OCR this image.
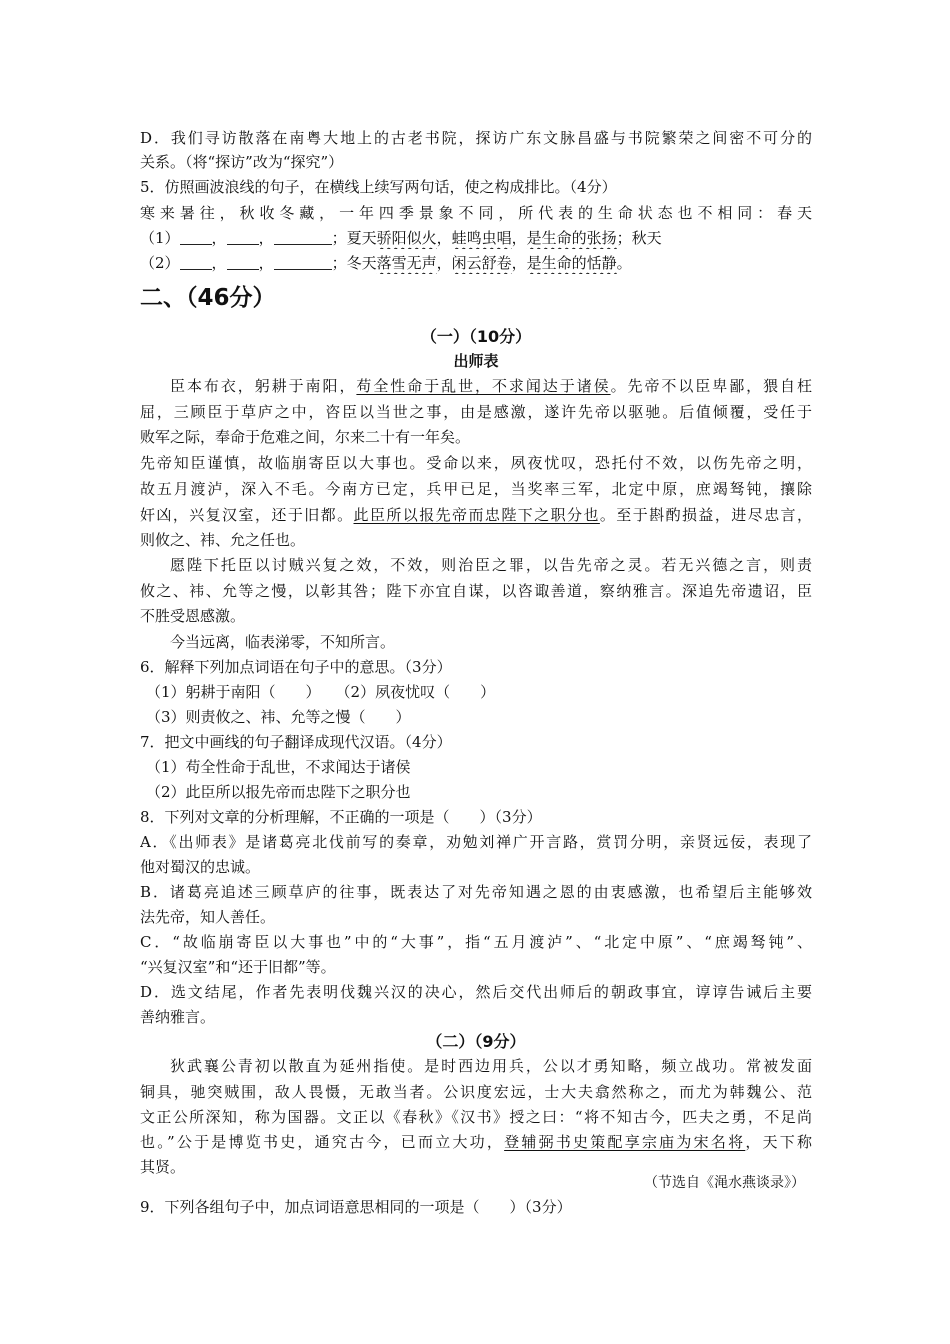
D．我们寻访散落在南粤大地上的古老书院，探访广东文脉昌盛与书院繁荣之间密不可分的
关系。（将“探访”改为“探究”）
5．仿照画波浪线的句子，在横线上续写两句话，使之构成排比。（4分）
寒来暑往，秋收冬藏，一年四季景象不同，所代表的生命状态也不相同：春天
（1） ， ，	；夏天骄阳似火，蛙鸣虫唱，是生命的张扬；秋天
（2） ， ，	；冬天落雪无声，闲云舒卷，是生命的恬静。
二、（46分）
（一）（10分）
出师表
臣本布衣，躬耕于南阳，苟全性命于乱世，不求闻达于诸侯。先帝不以臣卑鄙，猥自枉
屈，三顾臣于草庐之中，咨臣以当世之事，由是感激，遂许先帝以驱驰。后值倾覆，受任于
败军之际，奉命于危难之间，尔来二十有一年矣。
先帝知臣谨慎，故临崩寄臣以大事也。受命以来，夙夜忧叹，恐托付不效，以伤先帝之明，
故五月渡泸，深入不毛。今南方已定，兵甲已足，当奖率三军，北定中原，庶竭驽钝，攘除
奸凶，兴复汉室，还于旧都。此臣所以报先帝而忠陛下之职分也。至于斟酌损益，进尽忠言，
则攸之、袆、允之任也。
愿陛下托臣以讨贼兴复之效，不效，则治臣之罪，以告先帝之灵。若无兴德之言，则责
攸之、袆、允等之慢，以彰其咎；陛下亦宜自谋，以咨诹善道，察纳雅言。深追先帝遗诏，臣
不胜受恩感激。
今当远离，临表涕零，不知所言。
6．解释下列加点词语在句子中的意思。（3分）
（1）躬耕于南阳（　　）　　（2）夙夜忧叹（　　）
（3）则责攸之、袆、允等之慢（　　）
7．把文中画线的句子翻译成现代汉语。（4分）
（1）苟全性命于乱世，不求闻达于诸侯
（2）此臣所以报先帝而忠陛下之职分也
8．下列对文章的分析理解，不正确的一项是（　　）（3分）
A．《出师表》是诸葛亮北伐前写的奏章，劝勉刘禅广开言路，赏罚分明，亲贤远佞，表现了
他对蜀汉的忠诚。
B．诸葛亮追述三顾草庐的往事，既表达了对先帝知遇之恩的由衷感激，也希望后主能够效
法先帝，知人善任。
C．“故临崩寄臣以大事也”中的“大事”，指“五月渡泸”、“北定中原”、“庶竭驽钝”、
“兴复汉室”和“还于旧都”等。
D．选文结尾，作者先表明伐魏兴汉的决心，然后交代出师后的朝政事宜，谆谆告诫后主要
善纳雅言。
（二）（9分）
狄武襄公青初以散直为延州指使。是时西边用兵，公以才勇知略，频立战功。常被发面
铜具，驰突贼围，敌人畏慑，无敢当者。公识度宏远，士大夫翕然称之，而尤为韩魏公、范
文正公所深知，称为国器。文正以《春秋》《汉书》授之曰：“将不知古今，匹夫之勇，不足尚
也。”公于是博览书史，通究古今，已而立大功，登辅弼书史策配享宗庙为宋名将，天下称
其贤。
（节选自《渑水燕谈录》）
9．下列各组句子中，加点词语意思相同的一项是（　　）（3分）
